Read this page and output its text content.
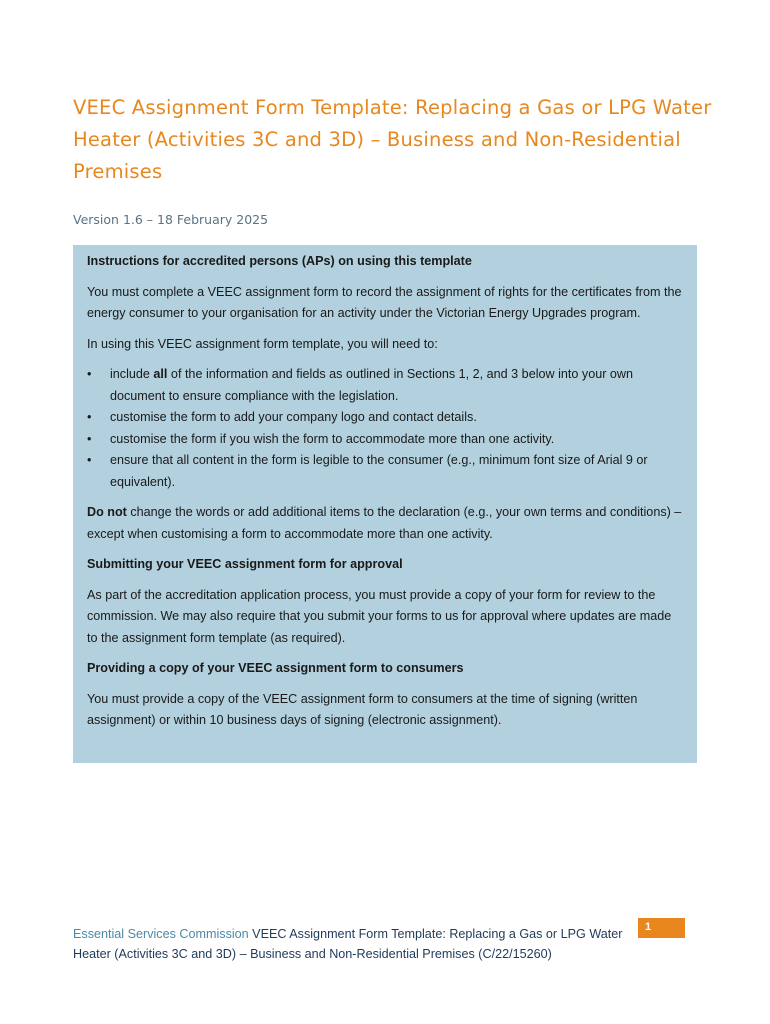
VEEC Assignment Form Template: Replacing a Gas or LPG Water Heater (Activities 3C and 3D) – Business and Non-Residential Premises
Version 1.6 – 18 February 2025

Instructions for accredited persons (APs) on using this template

You must complete a VEEC assignment form to record the assignment of rights for the certificates from the energy consumer to your organisation for an activity under the Victorian Energy Upgrades program.

In using this VEEC assignment form template, you will need to:

• include all of the information and fields as outlined in Sections 1, 2, and 3 below into your own document to ensure compliance with the legislation.
• customise the form to add your company logo and contact details.
• customise the form if you wish the form to accommodate more than one activity.
• ensure that all content in the form is legible to the consumer (e.g., minimum font size of Arial 9 or equivalent).

Do not change the words or add additional items to the declaration (e.g., your own terms and conditions) – except when customising a form to accommodate more than one activity.

Submitting your VEEC assignment form for approval

As part of the accreditation application process, you must provide a copy of your form for review to the commission. We may also require that you submit your forms to us for approval where updates are made to the assignment form template (as required).

Providing a copy of your VEEC assignment form to consumers

You must provide a copy of the VEEC assignment form to consumers at the time of signing (written assignment) or within 10 business days of signing (electronic assignment).

Essential Services Commission VEEC Assignment Form Template: Replacing a Gas or LPG Water Heater (Activities 3C and 3D) – Business and Non-Residential Premises (C/22/15260)
1
